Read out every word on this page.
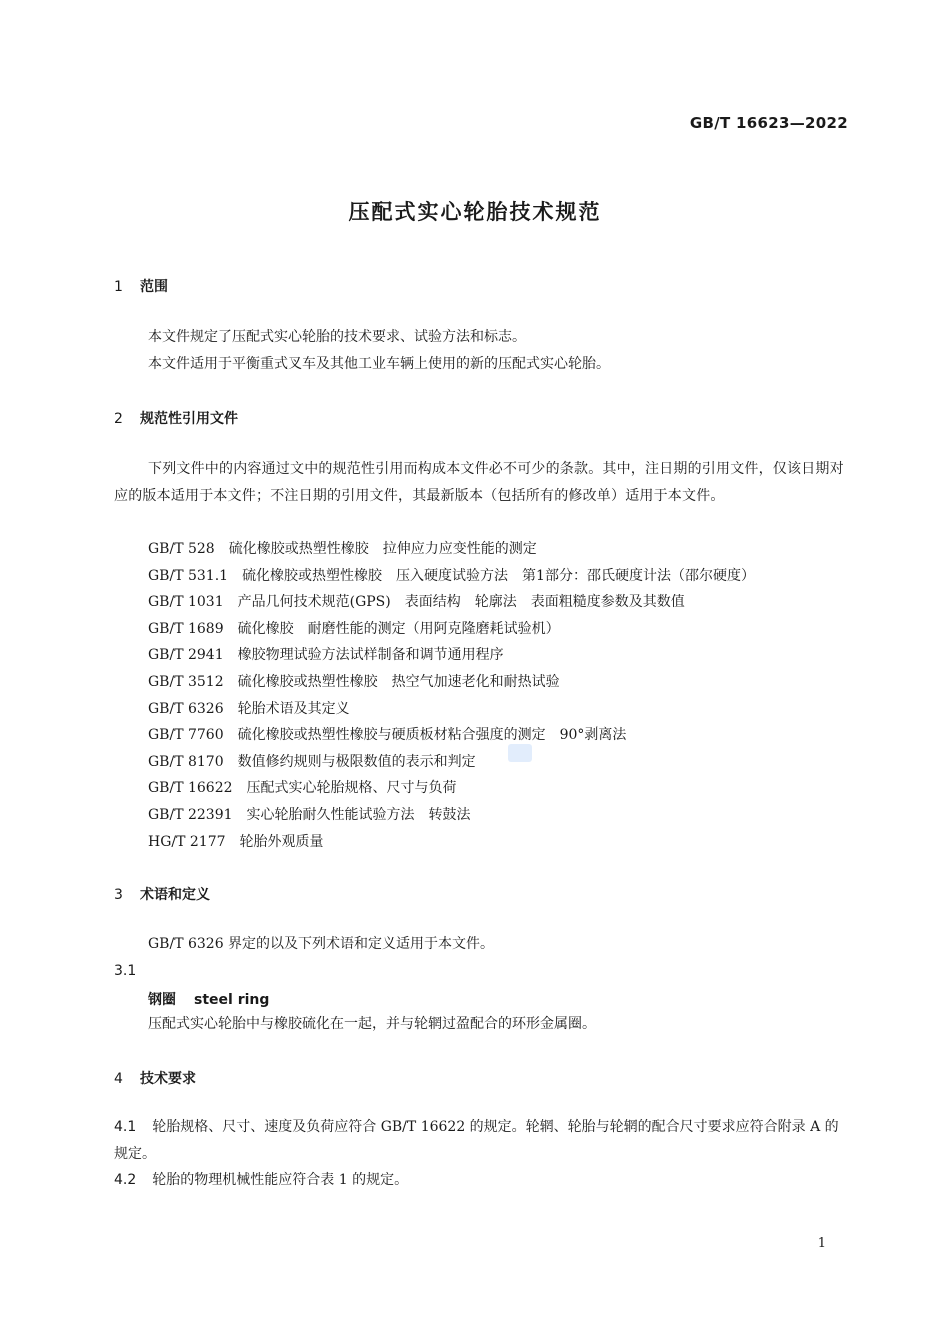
GB/T 16623—2022
压配式实心轮胎技术规范
1 范围
本文件规定了压配式实心轮胎的技术要求、试验方法和标志。
本文件适用于平衡重式叉车及其他工业车辆上使用的新的压配式实心轮胎。
2 规范性引用文件
下列文件中的内容通过文中的规范性引用而构成本文件必不可少的条款。其中，注日期的引用文件，仅该日期对应的版本适用于本文件；不注日期的引用文件，其最新版本（包括所有的修改单）适用于本文件。
GB/T 528 硫化橡胶或热塑性橡胶　拉伸应力应变性能的测定
GB/T 531.1 硫化橡胶或热塑性橡胶　压入硬度试验方法　第1部分：邵氏硬度计法（邵尔硬度）
GB/T 1031 产品几何技术规范(GPS)　表面结构　轮廓法　表面粗糙度参数及其数值
GB/T 1689 硫化橡胶　耐磨性能的测定（用阿克隆磨耗试验机）
GB/T 2941 橡胶物理试验方法试样制备和调节通用程序
GB/T 3512 硫化橡胶或热塑性橡胶　热空气加速老化和耐热试验
GB/T 6326 轮胎术语及其定义
GB/T 7760 硫化橡胶或热塑性橡胶与硬质板材粘合强度的测定　90°剥离法
GB/T 8170 数值修约规则与极限数值的表示和判定
GB/T 16622 压配式实心轮胎规格、尺寸与负荷
GB/T 22391 实心轮胎耐久性能试验方法　转鼓法
HG/T 2177 轮胎外观质量
3 术语和定义
GB/T 6326 界定的以及下列术语和定义适用于本文件。
3.1
钢圈 steel ring
压配式实心轮胎中与橡胶硫化在一起，并与轮辋过盈配合的环形金属圈。
4 技术要求
4.1 轮胎规格、尺寸、速度及负荷应符合 GB/T 16622 的规定。轮辋、轮胎与轮辋的配合尺寸要求应符合附录 A 的规定。
4.2 轮胎的物理机械性能应符合表 1 的规定。
1
